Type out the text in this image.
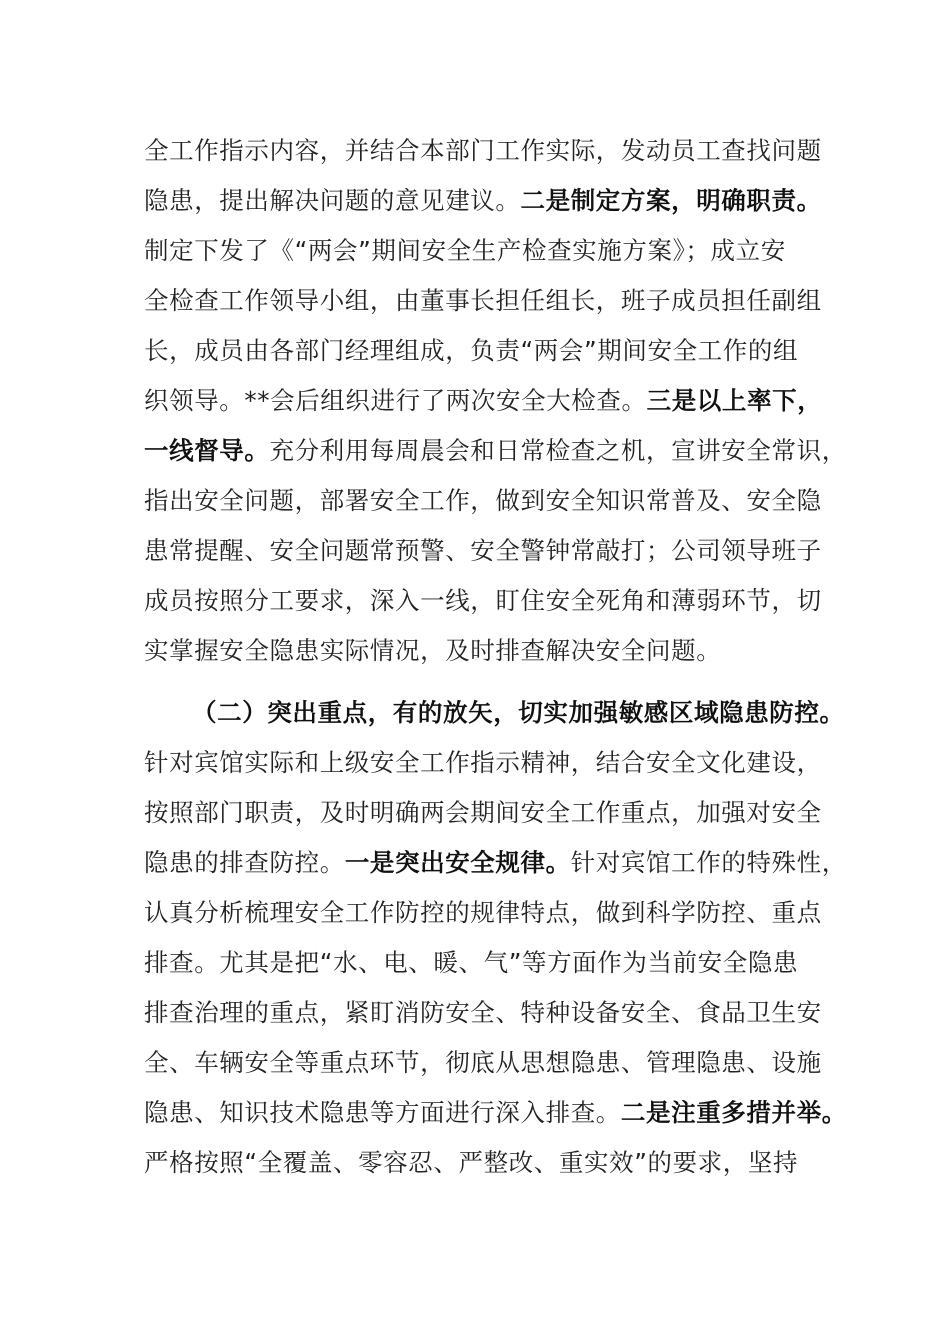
全工作指示内容，并结合本部门工作实际，发动员工查找问题
隐患，提出解决问题的意见建议。二是制定方案，明确职责。
制定下发了《“两会”期间安全生产检查实施方案》；成立安
全检查工作领导小组，由董事长担任组长，班子成员担任副组
长，成员由各部门经理组成，负责“两会”期间安全工作的组
织领导。**会后组织进行了两次安全大检查。三是以上率下，
一线督导。充分利用每周晨会和日常检查之机，宣讲安全常识，
指出安全问题，部署安全工作，做到安全知识常普及、安全隐
患常提醒、安全问题常预警、安全警钟常敲打；公司领导班子
成员按照分工要求，深入一线，盯住安全死角和薄弱环节，切
实掌握安全隐患实际情况，及时排查解决安全问题。
（二）突出重点，有的放矢，切实加强敏感区域隐患防控。
针对宾馆实际和上级安全工作指示精神，结合安全文化建设，
按照部门职责，及时明确两会期间安全工作重点，加强对安全
隐患的排查防控。一是突出安全规律。针对宾馆工作的特殊性，
认真分析梳理安全工作防控的规律特点，做到科学防控、重点
排查。尤其是把“水、电、暖、气”等方面作为当前安全隐患
排查治理的重点，紧盯消防安全、特种设备安全、食品卫生安
全、车辆安全等重点环节，彻底从思想隐患、管理隐患、设施
隐患、知识技术隐患等方面进行深入排查。二是注重多措并举。
严格按照“全覆盖、零容忍、严整改、重实效”的要求，坚持
